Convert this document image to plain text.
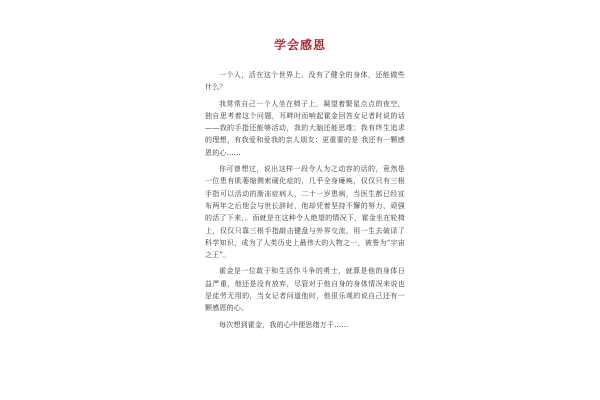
学会感恩

一个人，活在这个世界上，没有了健全的身体，还能做些什么？

我常常自己一个人坐在椅子上，凝望着繁星点点的夜空，独自思考着这个问题，耳畔时而响起霍金回答女记者时说的话——我的手指还能够活动，我的大脑还能思维；我有终生追求的理想，有我爱和爱我的亲人朋友；更重要的是 我还有一颗感恩的心……

你可曾想过，说出这样一段令人为之动容的话的，竟然是一位患有肌萎缩侧索硬化症的，几乎全身瘫痪，仅仅只有三根手指可以活动的渐冻症病人，二十一岁患病，当医生都已经宣布两年之后他会与世长辞时，他却凭着坚持不懈的努力，顽强的活了下来，。而就是在这种令人绝望的情况下，霍金坐在轮椅上，仅仅只靠三根手指敲击键盘与外界交流，用一生去破译了科学知识，成为了人类历史上最伟大的人物之一，被誉为“宇宙之王”。

霍金是一位敢于和生活作斗争的勇士，就算是他的身体日益严重，他还是没有放弃，尽管对于他自身的身体情况来说也是徒劳无用的，当女记者问道他时，他很乐观的说自己还有一颗感恩的心。

每次想到霍金，我的心中便思绪万千……
